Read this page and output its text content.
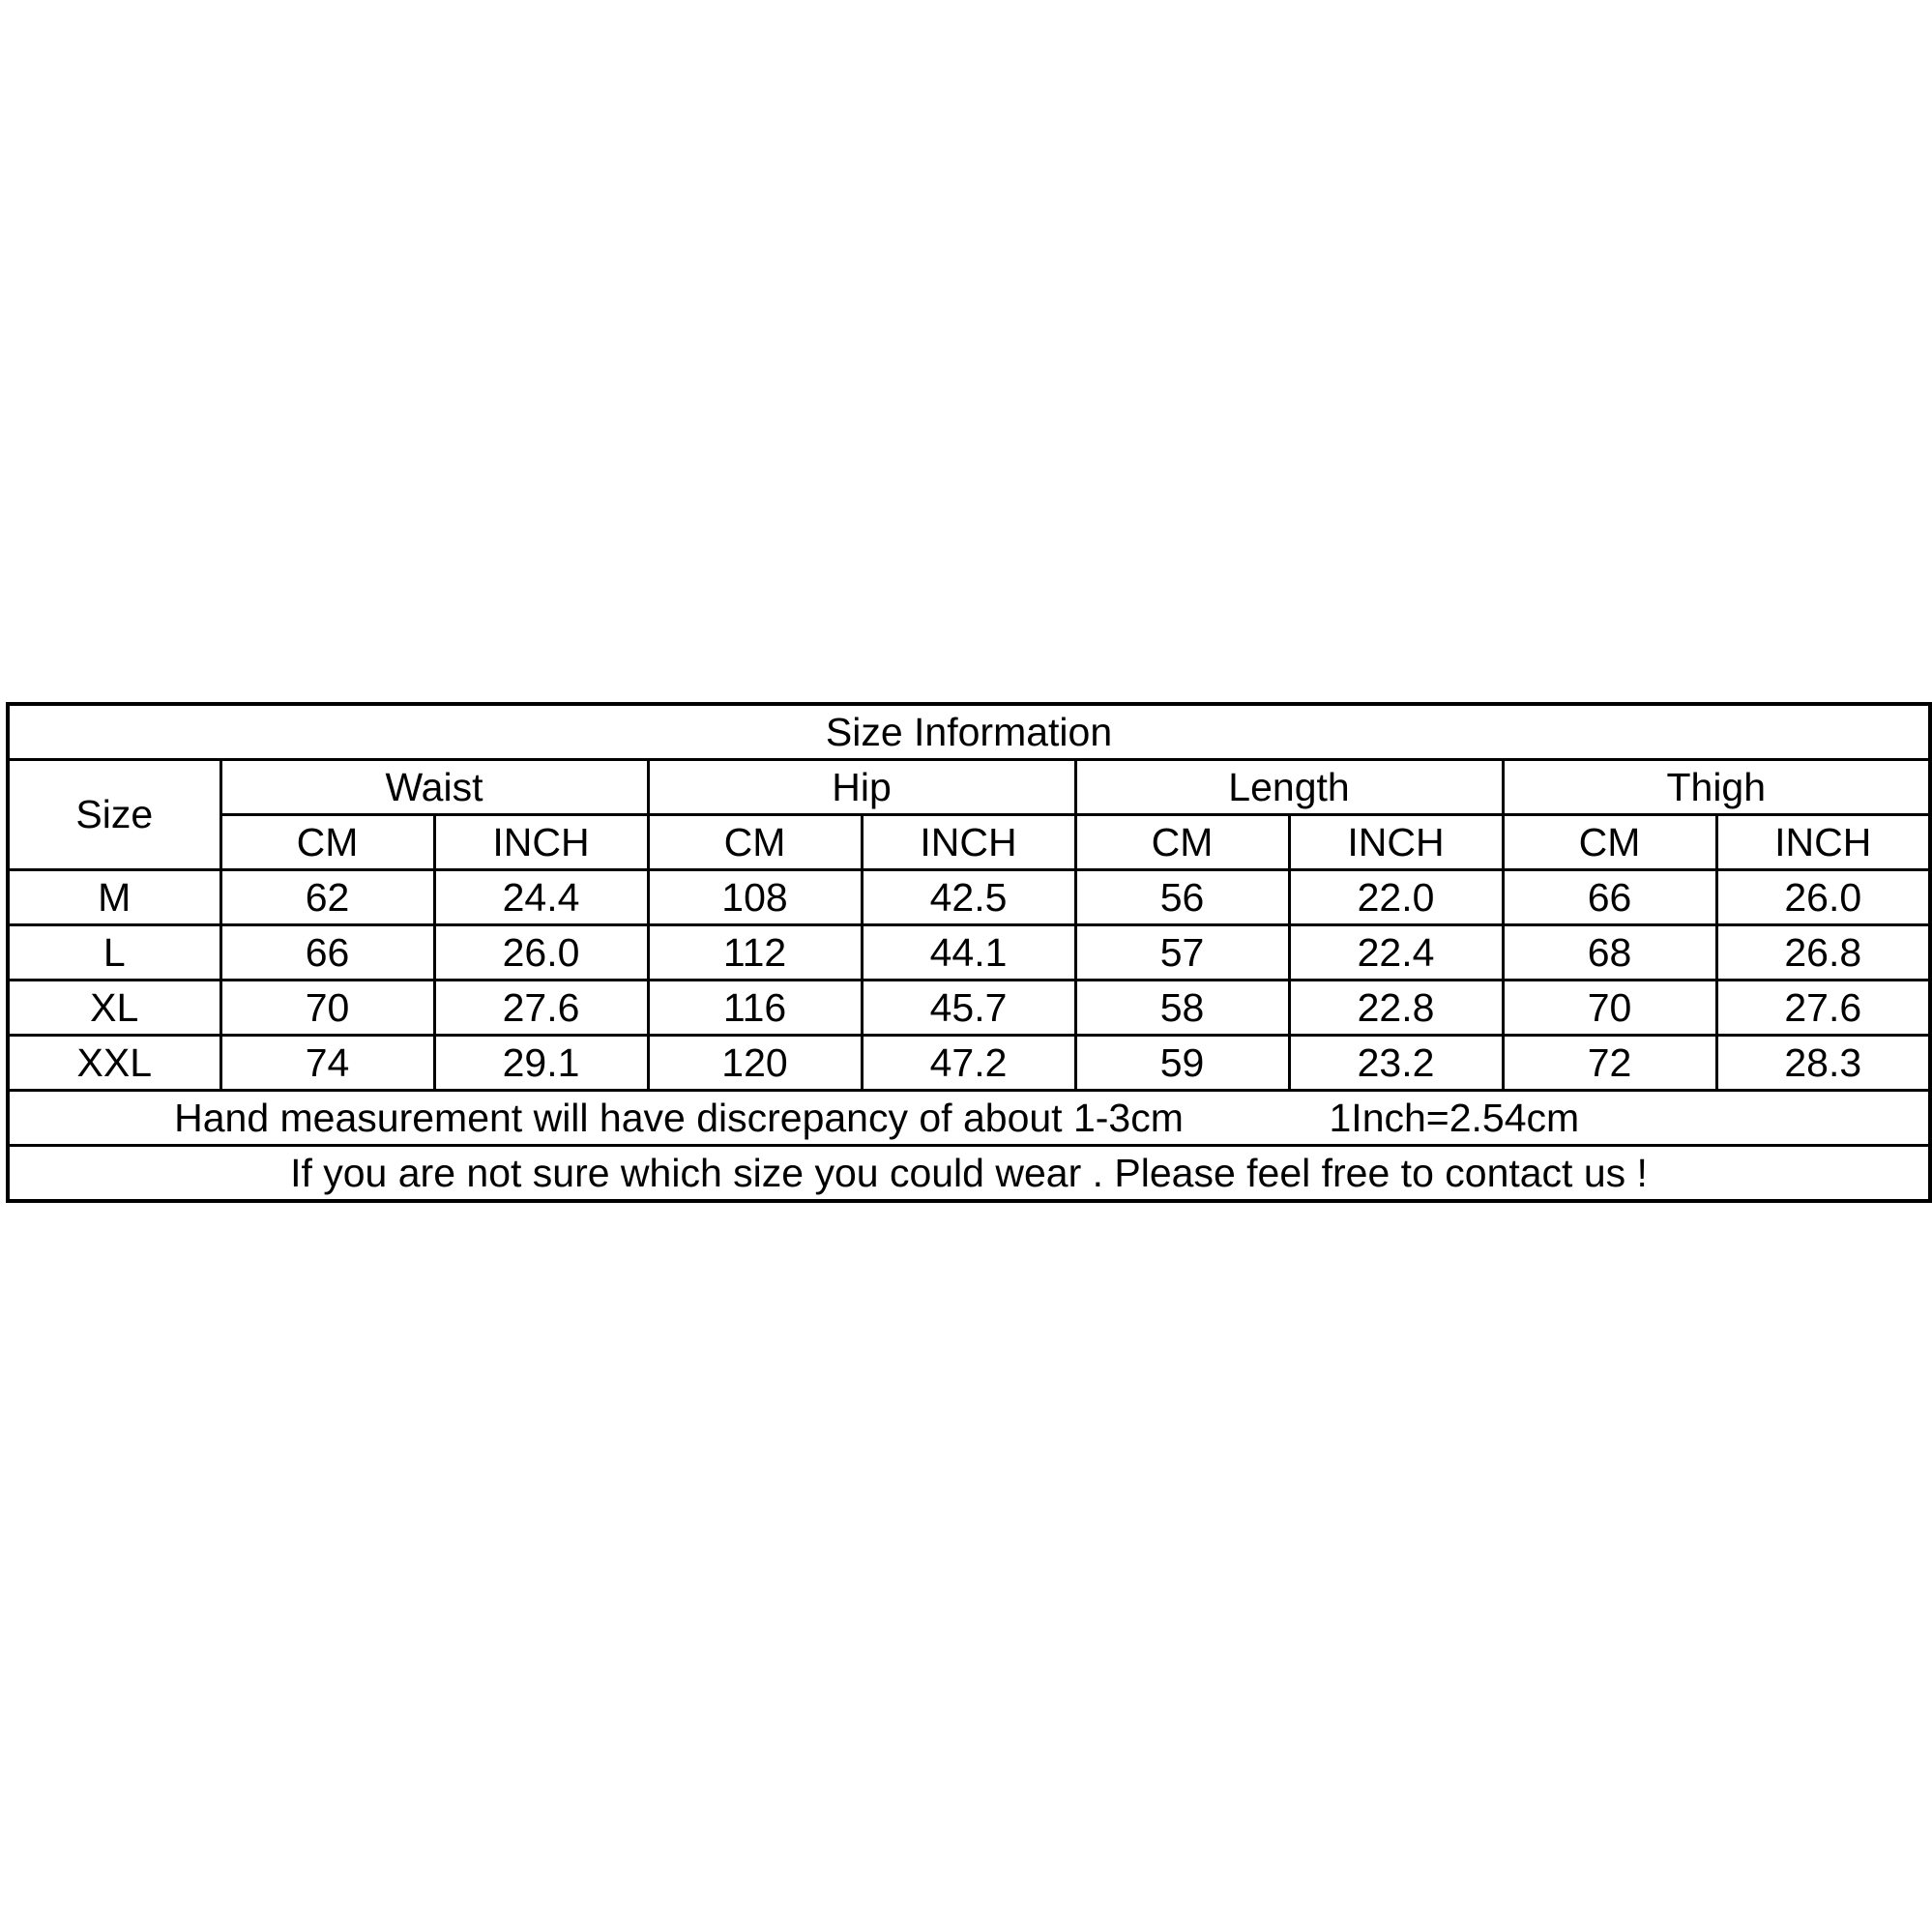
Size Information								
Size	Waist		Hip		Length		Thigh	
	CM	INCH	CM	INCH	CM	INCH	CM	INCH
M	62	24.4	108	42.5	56	22.0	66	26.0
L	66	26.0	112	44.1	57	22.4	68	26.8
XL	70	27.6	116	45.7	58	22.8	70	27.6
XXL	74	29.1	120	47.2	59	23.2	72	28.3
Hand measurement will have discrepancy of about 1-3cm 1Inch=2.54cm								
If you are not sure which size you could wear . Please feel free to contact us !								
